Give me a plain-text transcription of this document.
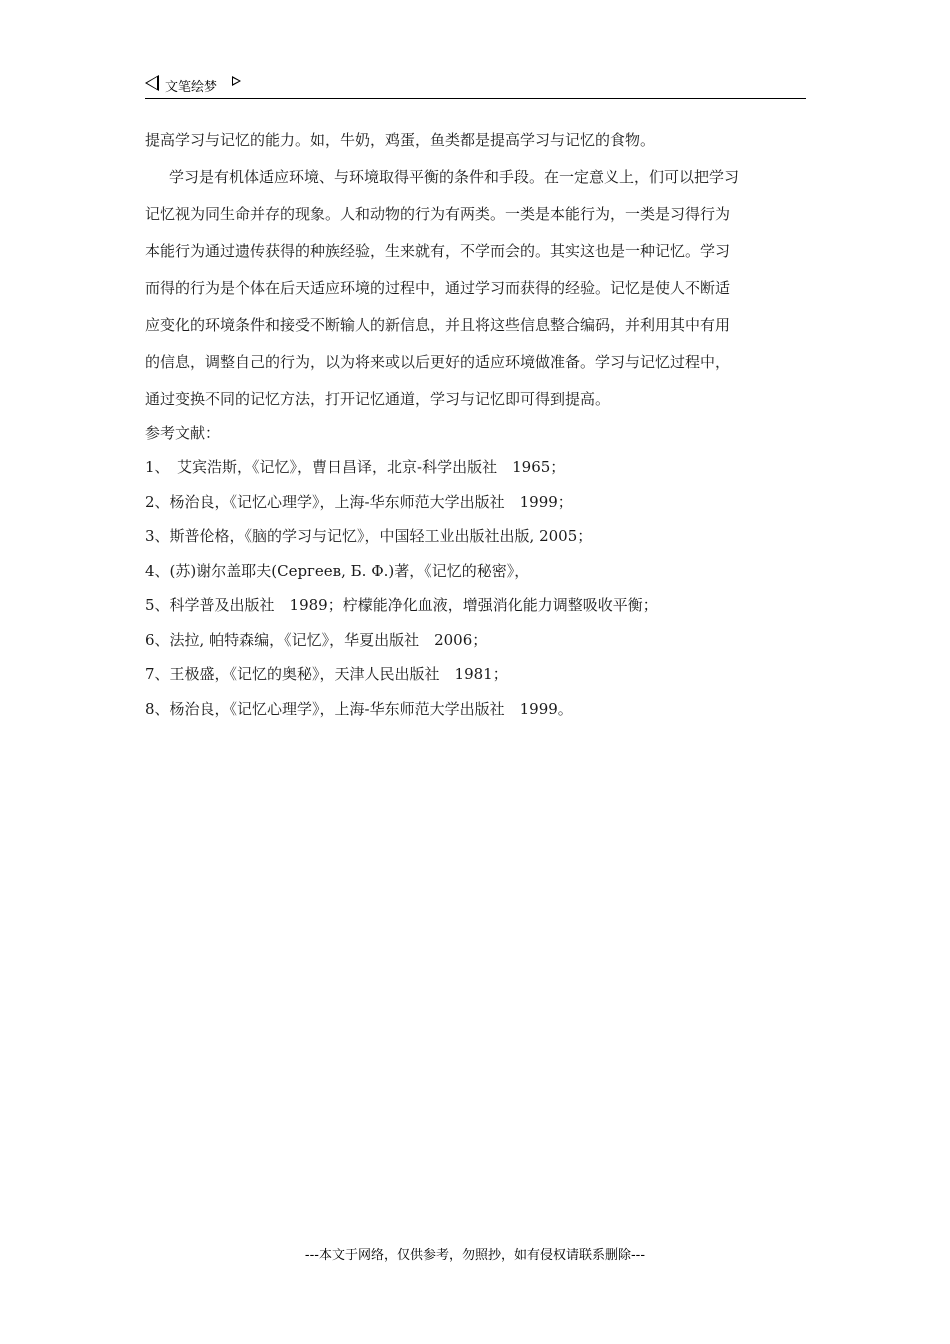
文笔绘梦
提高学习与记忆的能力。如，牛奶，鸡蛋，鱼类都是提高学习与记忆的食物。
学习是有机体适应环境、与环境取得平衡的条件和手段。在一定意义上，们可以把学习
记忆视为同生命并存的现象。人和动物的行为有两类。一类是本能行为，一类是习得行为
本能行为通过遗传获得的种族经验，生来就有，不学而会的。其实这也是一种记忆。学习
而得的行为是个体在后天适应环境的过程中，通过学习而获得的经验。记忆是使人不断适
应变化的环境条件和接受不断输人的新信息，并且将这些信息整合编码，并利用其中有用
的信息，调整自己的行为，以为将来或以后更好的适应环境做准备。学习与记忆过程中，
通过变换不同的记忆方法，打开记忆通道，学习与记忆即可得到提高。
参考文献：
1、　艾宾浩斯，《记忆》，曹日昌译，北京-科学出版社　1965；
2、杨治良，《记忆心理学》，上海-华东师范大学出版社　1999；
3、斯普伦格，《脑的学习与记忆》，中国轻工业出版社出版, 2005；
4、(苏)谢尔盖耶夫(Сергеев, Б. Ф.)著，《记忆的秘密》，
5、科学普及出版社　1989；柠檬能净化血液，增强消化能力调整吸收平衡；
6、法拉, 帕特森编，《记忆》，华夏出版社　2006；
7、王极盛，《记忆的奥秘》，天津人民出版社　1981；
8、杨治良，《记忆心理学》，上海-华东师范大学出版社　1999。
---本文于网络，仅供参考，勿照抄，如有侵权请联系删除---
